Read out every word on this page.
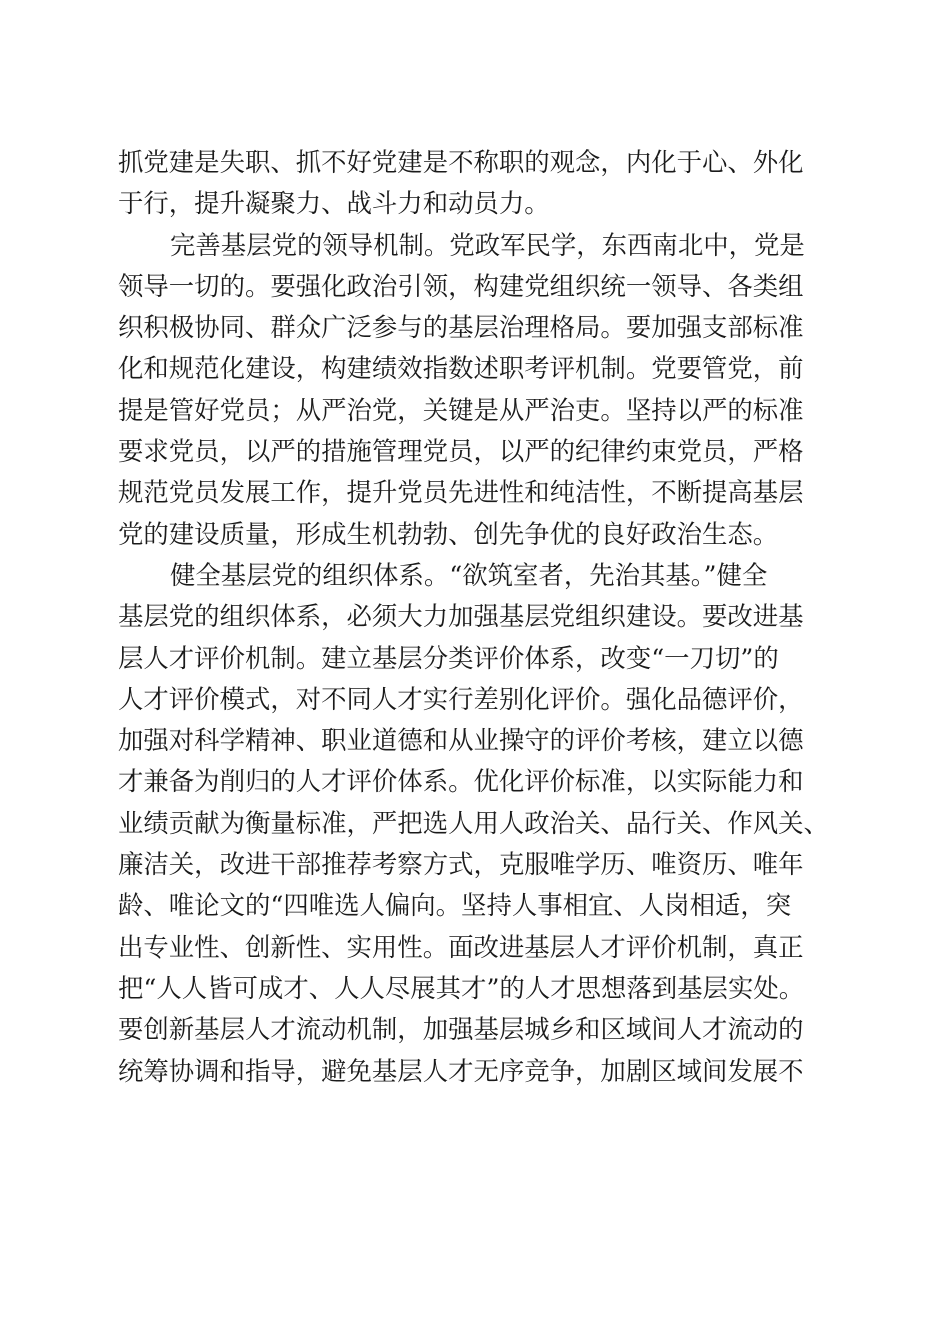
抓党建是失职、抓不好党建是不称职的观念，内化于心、外化
于行，提升凝聚力、战斗力和动员力。
完善基层党的领导机制。党政军民学，东西南北中，党是
领导一切的。要强化政治引领，构建党组织统一领导、各类组
织积极协同、群众广泛参与的基层治理格局。要加强支部标准
化和规范化建设，构建绩效指数述职考评机制。党要管党，前
提是管好党员；从严治党，关键是从严治吏。坚持以严的标准
要求党员，以严的措施管理党员，以严的纪律约束党员，严格
规范党员发展工作，提升党员先进性和纯洁性，不断提高基层
党的建设质量，形成生机勃勃、创先争优的良好政治生态。
健全基层党的组织体系。“欲筑室者，先治其基。”健全
基层党的组织体系，必须大力加强基层党组织建设。要改进基
层人才评价机制。建立基层分类评价体系，改变“一刀切”的
人才评价模式，对不同人才实行差别化评价。强化品德评价，
加强对科学精神、职业道德和从业操守的评价考核，建立以德
才兼备为削归的人才评价体系。优化评价标准，以实际能力和
业绩贡献为衡量标准，严把选人用人政治关、品行关、作风关、
廉洁关，改进干部推荐考察方式，克服唯学历、唯资历、唯年
龄、唯论文的“四唯选人偏向。坚持人事相宜、人岗相适，突
出专业性、创新性、实用性。面改进基层人才评价机制，真正
把“人人皆可成才、人人尽展其才”的人才思想落到基层实处。
要创新基层人才流动机制，加强基层城乡和区域间人才流动的
统筹协调和指导，避免基层人才无序竞争，加剧区域间发展不
